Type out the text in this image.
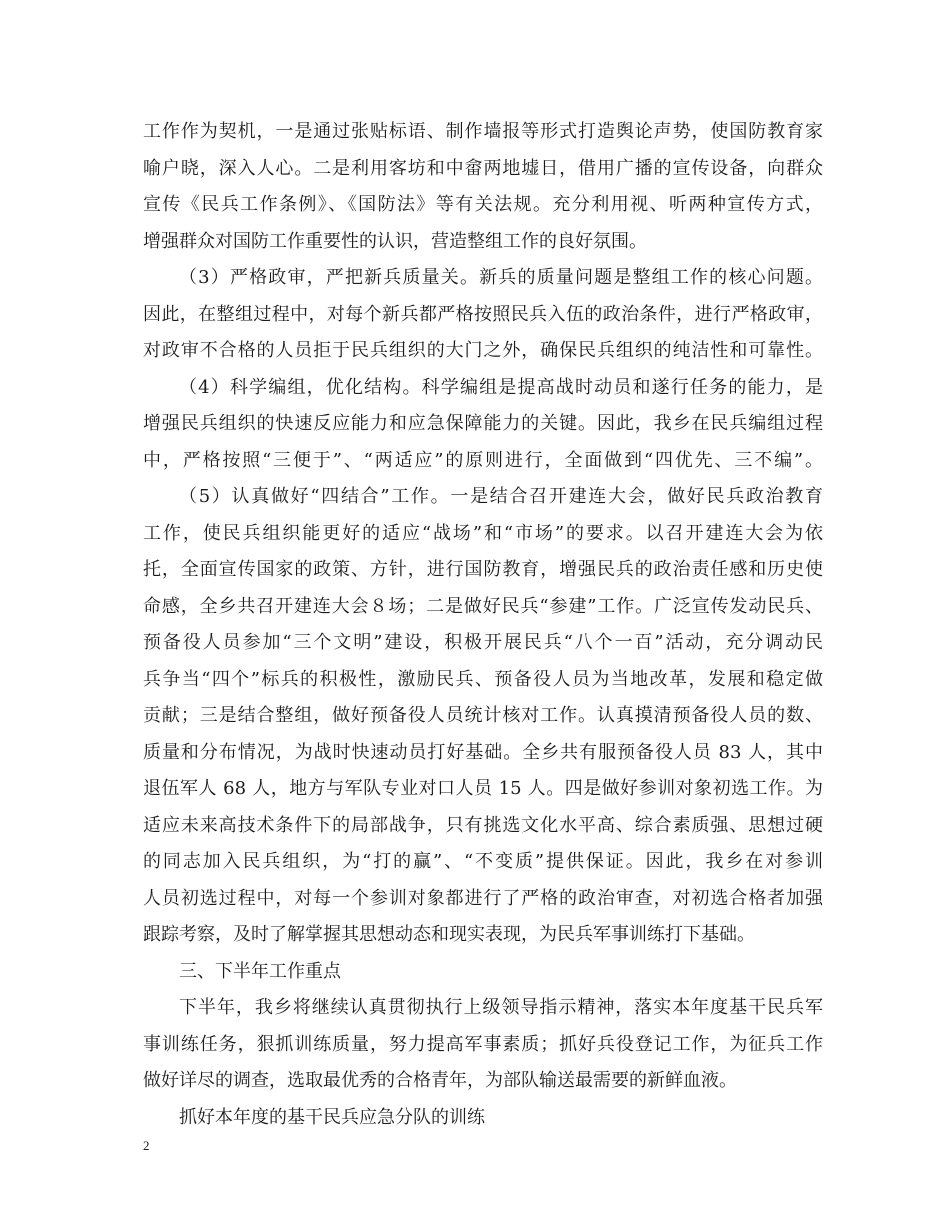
工作作为契机，一是通过张贴标语、制作墙报等形式打造舆论声势，使国防教育家
喻户晓，深入人心。二是利用客坊和中畲两地墟日，借用广播的宣传设备，向群众
宣传《民兵工作条例》、《国防法》等有关法规。充分利用视、听两种宣传方式，
增强群众对国防工作重要性的认识，营造整组工作的良好氛围。
（3）严格政审，严把新兵质量关。新兵的质量问题是整组工作的核心问题。
因此，在整组过程中，对每个新兵都严格按照民兵入伍的政治条件，进行严格政审，
对政审不合格的人员拒于民兵组织的大门之外，确保民兵组织的纯洁性和可靠性。
（4）科学编组，优化结构。科学编组是提高战时动员和遂行任务的能力，是
增强民兵组织的快速反应能力和应急保障能力的关键。因此，我乡在民兵编组过程
中，严格按照“三便于”、“两适应”的原则进行，全面做到“四优先、三不编”。
（5）认真做好“四结合”工作。一是结合召开建连大会，做好民兵政治教育
工作，使民兵组织能更好的适应“战场”和“市场”的要求。以召开建连大会为依
托，全面宣传国家的政策、方针，进行国防教育，增强民兵的政治责任感和历史使
命感，全乡共召开建连大会８场；二是做好民兵“参建”工作。广泛宣传发动民兵、
预备役人员参加“三个文明”建设，积极开展民兵“八个一百”活动，充分调动民
兵争当“四个”标兵的积极性，激励民兵、预备役人员为当地改革，发展和稳定做
贡献；三是结合整组，做好预备役人员统计核对工作。认真摸清预备役人员的数、
质量和分布情况，为战时快速动员打好基础。全乡共有服预备役人员 83 人，其中
退伍军人 68 人，地方与军队专业对口人员 15 人。四是做好参训对象初选工作。为
适应未来高技术条件下的局部战争，只有挑选文化水平高、综合素质强、思想过硬
的同志加入民兵组织，为“打的赢”、“不变质”提供保证。因此，我乡在对参训
人员初选过程中，对每一个参训对象都进行了严格的政治审查，对初选合格者加强
跟踪考察，及时了解掌握其思想动态和现实表现，为民兵军事训练打下基础。
三、下半年工作重点
下半年，我乡将继续认真贯彻执行上级领导指示精神，落实本年度基干民兵军
事训练任务，狠抓训练质量，努力提高军事素质；抓好兵役登记工作，为征兵工作
做好详尽的调查，选取最优秀的合格青年，为部队输送最需要的新鲜血液。
抓好本年度的基干民兵应急分队的训练
2
